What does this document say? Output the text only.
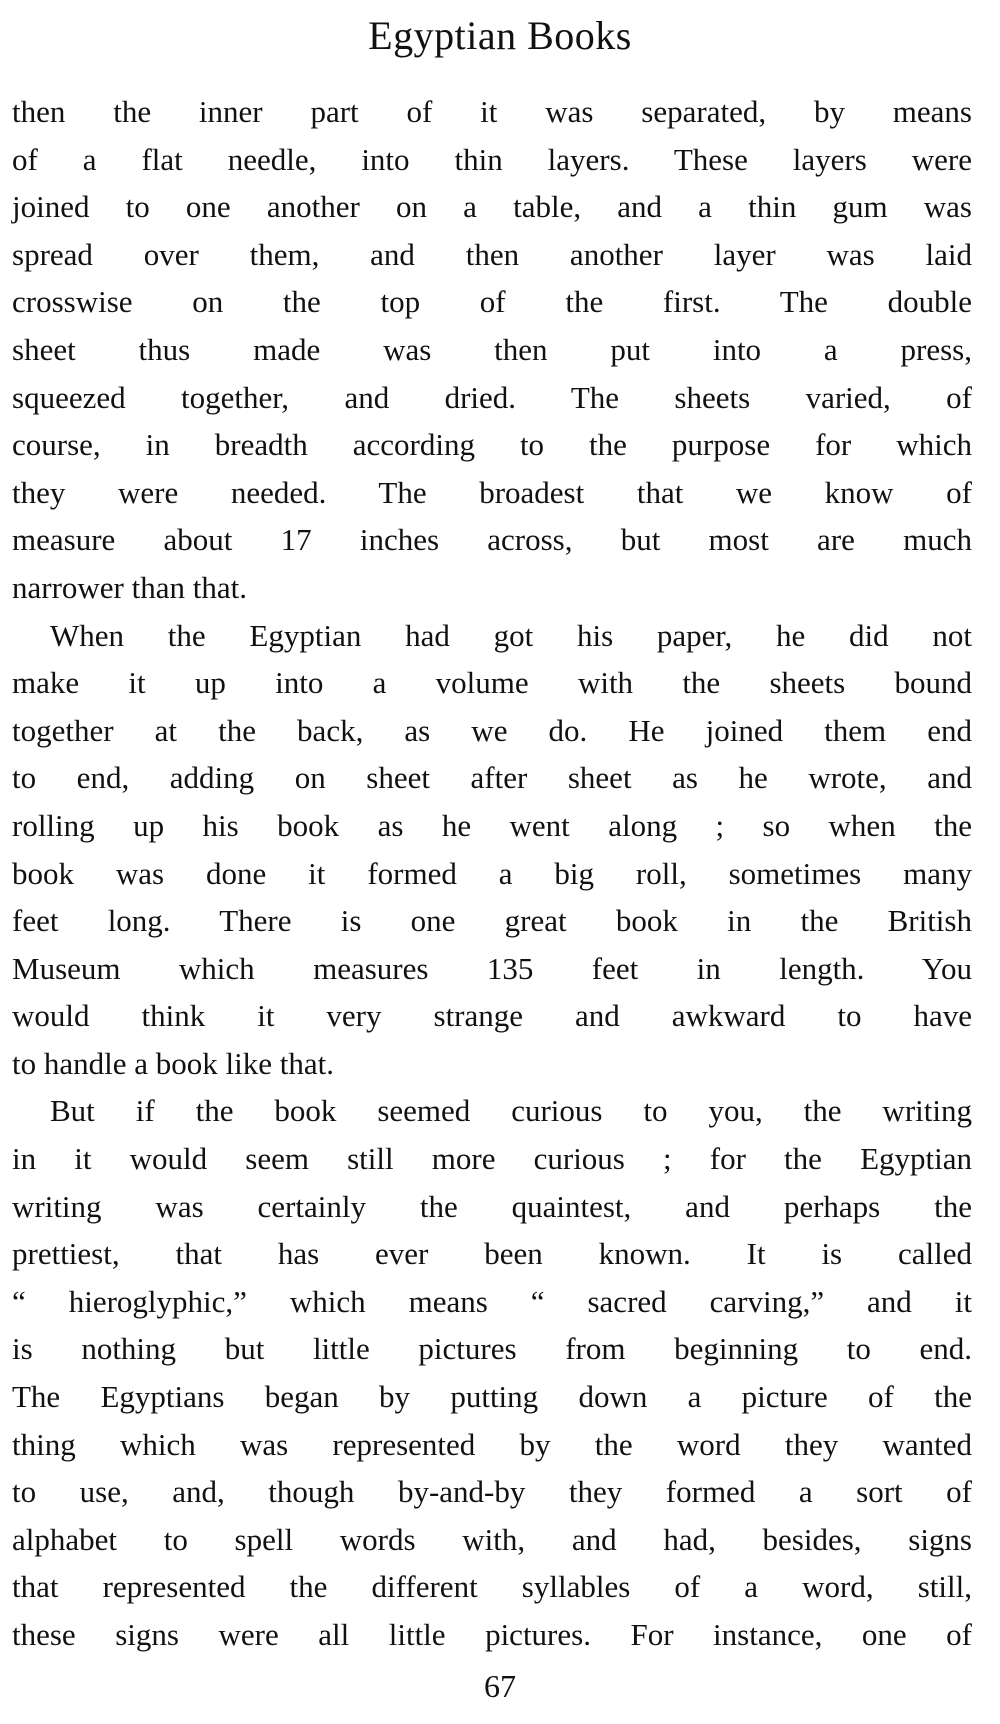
Egyptian Books

then the inner part of it was separated, by means
of a flat needle, into thin layers. These layers were
joined to one another on a table, and a thin gum was
spread over them, and then another layer was laid
crosswise on the top of the first. The double
sheet thus made was then put into a press,
squeezed together, and dried. The sheets varied, of
course, in breadth according to the purpose for which
they were needed. The broadest that we know of
measure about 17 inches across, but most are much
narrower than that.

When the Egyptian had got his paper, he did not
make it up into a volume with the sheets bound
together at the back, as we do. He joined them end
to end, adding on sheet after sheet as he wrote, and
rolling up his book as he went along ; so when the
book was done it formed a big roll, sometimes many
feet long. There is one great book in the British
Museum which measures 135 feet in length. You
would think it very strange and awkward to have
to handle a book like that.

But if the book seemed curious to you, the writing
in it would seem still more curious ; for the Egyptian
writing was certainly the quaintest, and perhaps the
prettiest, that has ever been known. It is called
“ hieroglyphic,” which means “ sacred carving,” and it
is nothing but little pictures from beginning to end.
The Egyptians began by putting down a picture of the
thing which was represented by the word they wanted
to use, and, though by-and-by they formed a sort of
alphabet to spell words with, and had, besides, signs
that represented the different syllables of a word, still,
these signs were all little pictures. For instance, one of

67
